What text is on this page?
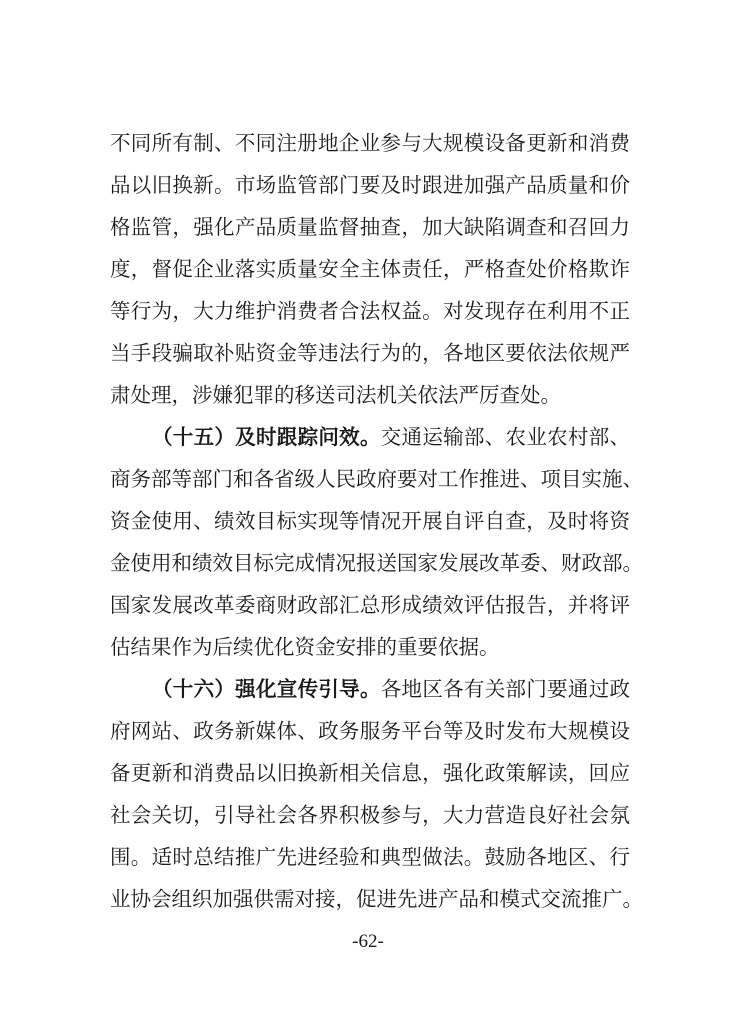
不同所有制、不同注册地企业参与大规模设备更新和消费
品以旧换新。市场监管部门要及时跟进加强产品质量和价
格监管，强化产品质量监督抽查，加大缺陷调查和召回力
度，督促企业落实质量安全主体责任，严格查处价格欺诈
等行为，大力维护消费者合法权益。对发现存在利用不正
当手段骗取补贴资金等违法行为的，各地区要依法依规严
肃处理，涉嫌犯罪的移送司法机关依法严厉查处。
（十五）及时跟踪问效。交通运输部、农业农村部、
商务部等部门和各省级人民政府要对工作推进、项目实施、
资金使用、绩效目标实现等情况开展自评自查，及时将资
金使用和绩效目标完成情况报送国家发展改革委、财政部。
国家发展改革委商财政部汇总形成绩效评估报告，并将评
估结果作为后续优化资金安排的重要依据。
（十六）强化宣传引导。各地区各有关部门要通过政
府网站、政务新媒体、政务服务平台等及时发布大规模设
备更新和消费品以旧换新相关信息，强化政策解读，回应
社会关切，引导社会各界积极参与，大力营造良好社会氛
围。适时总结推广先进经验和典型做法。鼓励各地区、行
业协会组织加强供需对接，促进先进产品和模式交流推广。
-62-
